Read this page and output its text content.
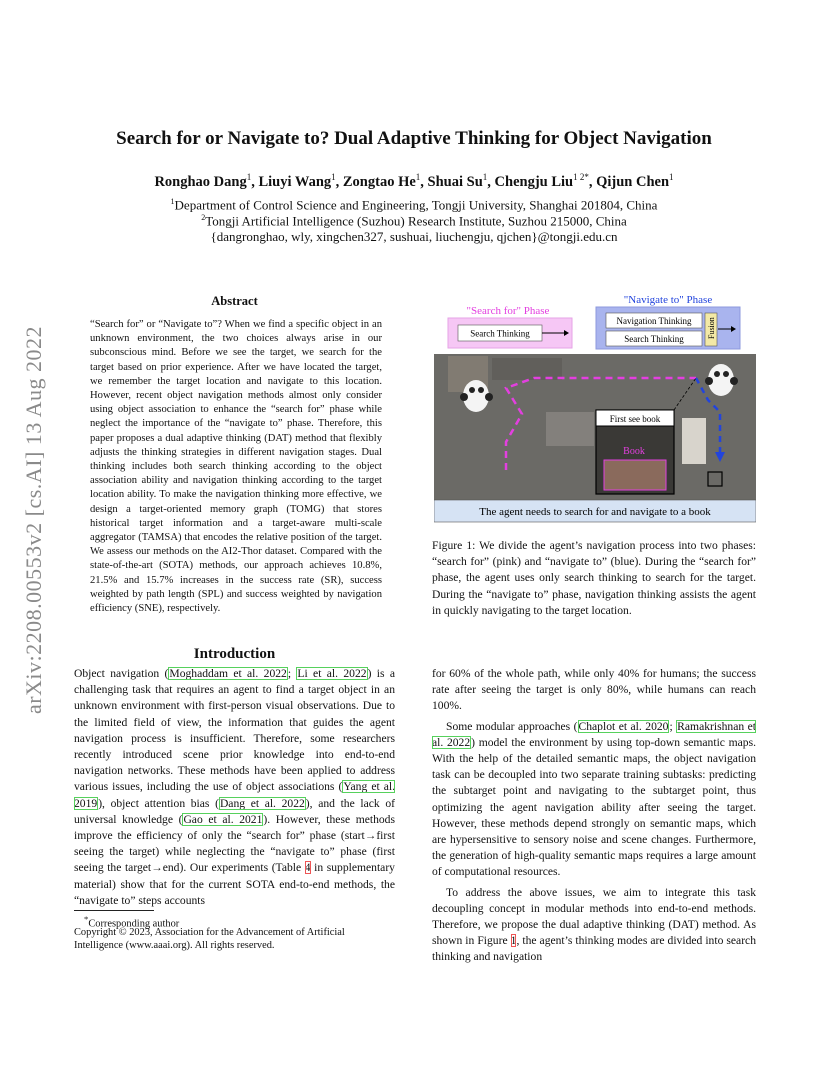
arXiv:2208.00553v2 [cs.AI] 13 Aug 2022
Search for or Navigate to? Dual Adaptive Thinking for Object Navigation
Ronghao Dang$^1$, Liuyi Wang$^1$, Zongtao He$^1$, Shuai Su$^1$, Chengju Liu$^{1 2*}$, Qijun Chen$^1$
$^1$Department of Control Science and Engineering, Tongji University, Shanghai 201804, China
$^2$Tongji Artificial Intelligence (Suzhou) Research Institute, Suzhou 215000, China
{dangronghao, wly, xingchen327, sushuai, liuchengju, qjchen}@tongji.edu.cn
Abstract
“Search for” or “Navigate to”? When we find a specific object in an unknown environment, the two choices always arise in our subconscious mind. Before we see the target, we search for the target based on prior experience. After we have located the target, we remember the target location and navigate to this location. However, recent object navigation methods almost only consider using object association to enhance the “search for” phase while neglect the importance of the “navigate to” phase. Therefore, this paper proposes a dual adaptive thinking (DAT) method that flexibly adjusts the thinking strategies in different navigation stages. Dual thinking includes both search thinking according to the object association ability and navigation thinking according to the target location ability. To make the navigation thinking more effective, we design a target-oriented memory graph (TOMG) that stores historical target information and a target-aware multi-scale aggregator (TAMSA) that encodes the relative position of the target. We assess our methods on the AI2-Thor dataset. Compared with the state-of-the-art (SOTA) methods, our approach achieves 10.8%, 21.5% and 15.7% increases in the success rate (SR), success weighted by path length (SPL) and success weighted by navigation efficiency (SNE), respectively.
Introduction

Object navigation (Moghaddam et al. 2022; Li et al. 2022) is a challenging task that requires an agent to find a target object in an unknown environment with first-person visual observations. Due to the limited field of view, the information that guides the agent navigation process is insufficient. Therefore, some researchers recently introduced scene prior knowledge into end-to-end navigation networks. These methods have been applied to address various issues, including the use of object associations (Yang et al. 2019), object attention bias (Dang et al. 2022), and the lack of universal knowledge (Gao et al. 2021). However, these methods improve the efficiency of only the “search for” phase (start→first seeing the target) while neglecting the “navigate to” phase (first seeing the target→end). Our experiments (Table 4 in supplementary material) show that for the current SOTA end-to-end methods, the “navigate to” steps accounts

*Corresponding author
Copyright © 2023, Association for the Advancement of Artificial Intelligence (www.aaai.org). All rights reserved.
"Search for" Phase
Search Thinking
"Navigate to" Phase
Navigation Thinking
Search Thinking	Fusion
First see book
Book
The agent needs to search for and navigate to a book
Figure 1: We divide the agent’s navigation process into two phases: “search for” (pink) and “navigate to” (blue). During the “search for” phase, the agent uses only search thinking to search for the target. During the “navigate to” phase, navigation thinking assists the agent in quickly navigating to the target location.

for 60% of the whole path, while only 40% for humans; the success rate after seeing the target is only 80%, while humans can reach 100%.

Some modular approaches (Chaplot et al. 2020; Ramakrishnan et al. 2022) model the environment by using top-down semantic maps. With the help of the detailed semantic maps, the object navigation task can be decoupled into two separate training subtasks: predicting the subtarget point and navigating to the subtarget point, thus optimizing the agent navigation ability after seeing the target. However, these methods depend strongly on semantic maps, which are hypersensitive to sensory noise and scene changes. Furthermore, the generation of high-quality semantic maps requires a large amount of computational resources.

To address the above issues, we aim to integrate this task decoupling concept in modular methods into end-to-end methods. Therefore, we propose the dual adaptive thinking (DAT) method. As shown in Figure 1, the agent’s thinking modes are divided into search thinking and navigation
